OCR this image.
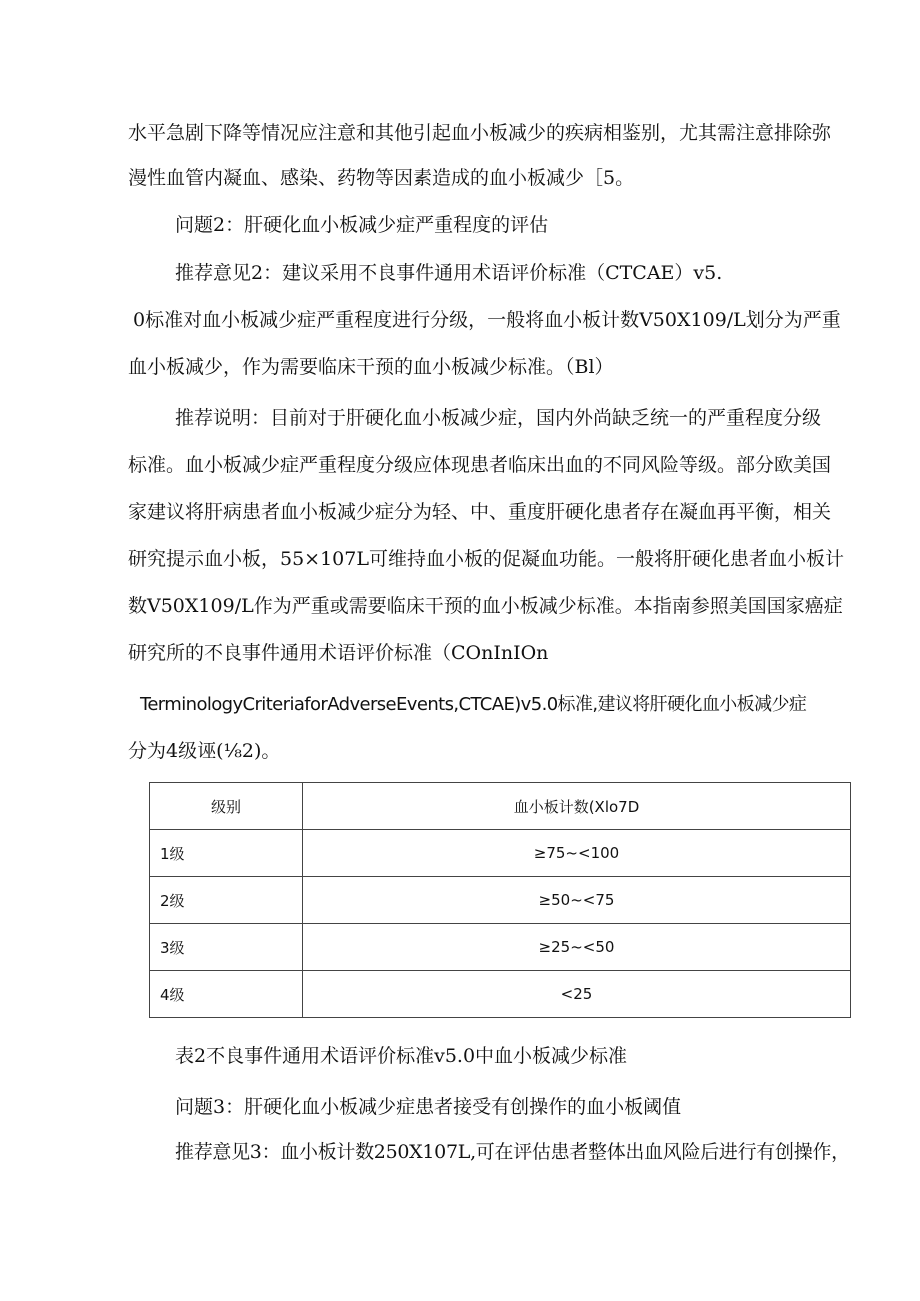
水平急剧下降等情况应注意和其他引起血小板减少的疾病相鉴别，尤其需注意排除弥
漫性血管内凝血、感染、药物等因素造成的血小板减少［5。
问题2：肝硬化血小板减少症严重程度的评估
推荐意见2：建议采用不良事件通用术语评价标准（CTCAE）v5.
0标准对血小板减少症严重程度进行分级，一般将血小板计数V50X109/L划分为严重
血小板减少，作为需要临床干预的血小板减少标准。（Bl）
推荐说明：目前对于肝硬化血小板减少症，国内外尚缺乏统一的严重程度分级
标准。血小板减少症严重程度分级应体现患者临床出血的不同风险等级。部分欧美国
家建议将肝病患者血小板减少症分为轻、中、重度肝硬化患者存在凝血再平衡，相关
研究提示血小板，55×107L可维持血小板的促凝血功能。一般将肝硬化患者血小板计
数V50X109/L作为严重或需要临床干预的血小板减少标准。本指南参照美国国家癌症
研究所的不良事件通用术语评价标准（COnInIOn
TerminologyCriteriaforAdverseEvents,CTCAE)v5.0标准,建议将肝硬化血小板减少症
分为4级诬(⅛2)。
级别	血小板计数(Xlo7D
1级	≥75~<100
2级	≥50~<75
3级	≥25~<50
4级	<25
表2不良事件通用术语评价标准v5.0中血小板减少标准
问题3：肝硬化血小板减少症患者接受有创操作的血小板阈值
推荐意见3：血小板计数250X107L,可在评估患者整体出血风险后进行有创操作，
